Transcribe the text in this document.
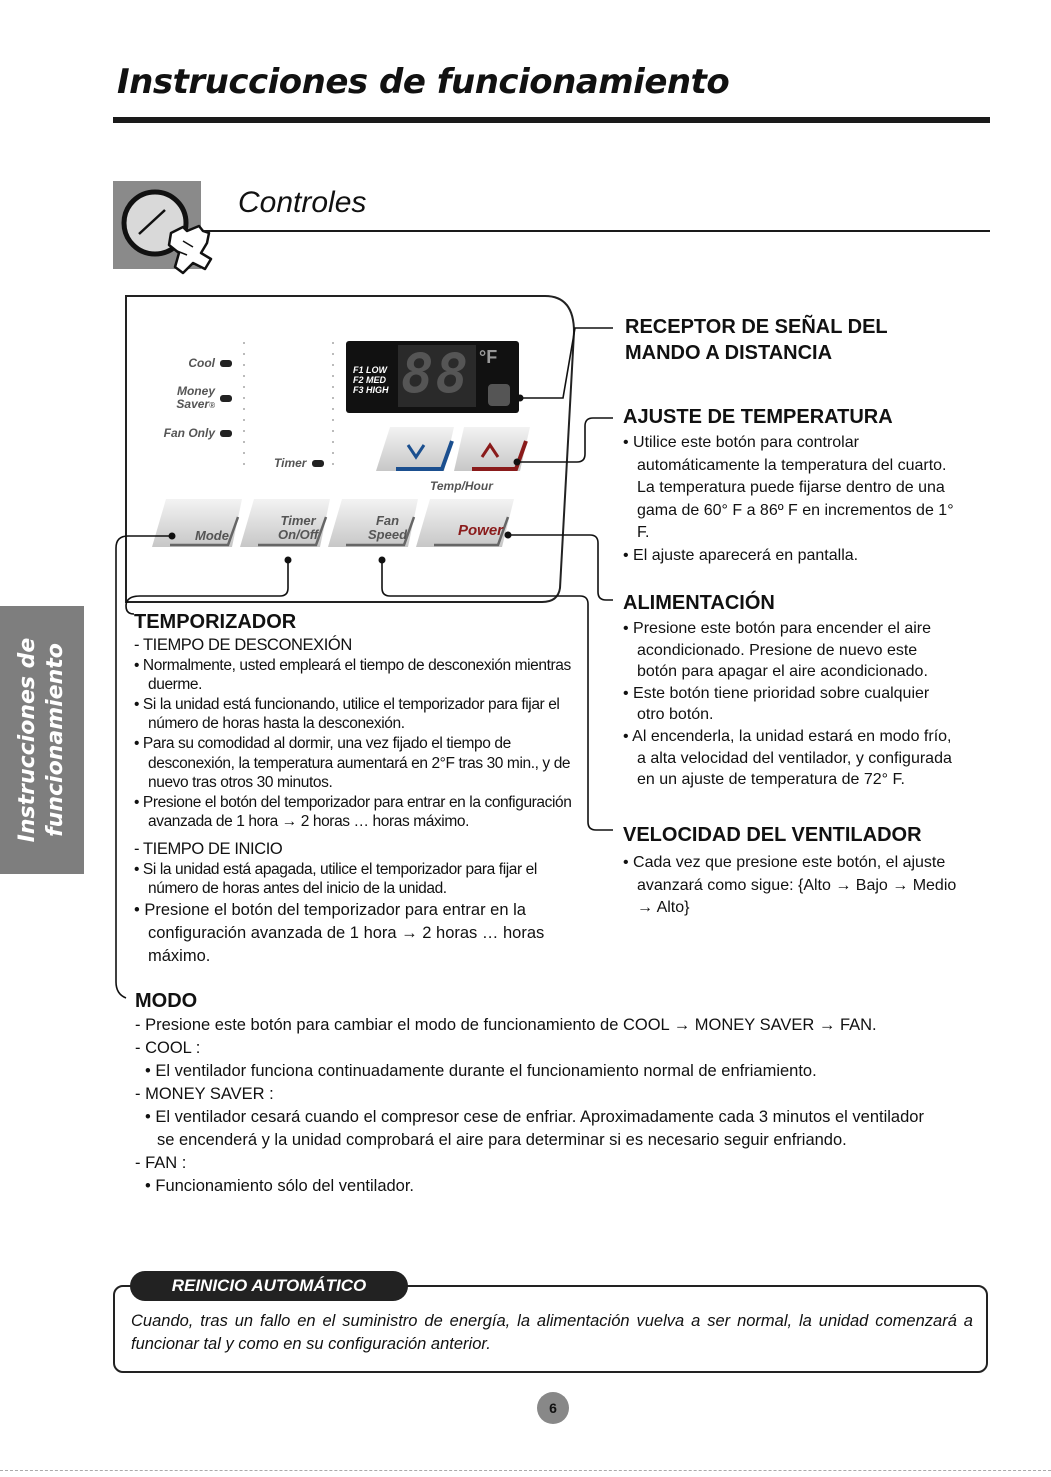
Instrucciones de funcionamiento
Controles
Instrucciones de funcionamiento
Cool
Money
Saver®
Fan Only
Timer
F1 LOW
F2 MED
F3 HIGH 88 °F
Temp/Hour
Mode
Timer
On/Off
Fan
Speed	Power
RECEPTOR DE SEÑAL DEL
MANDO A DISTANCIA
AJUSTE DE TEMPERATURA

• Utilice este botón para controlar automáticamente la temperatura del cuarto. La temperatura puede fijarse dentro de una gama de 60° F a 86º F en incrementos de 1° F.

• El ajuste aparecerá en pantalla.

ALIMENTACIÓN

• Presione este botón para encender el aire acondicionado. Presione de nuevo este botón para apagar el aire acondicionado.

• Este botón tiene prioridad sobre cualquier otro botón.

• Al encenderla, la unidad estará en modo frío, a alta velocidad del ventilador, y configurada en un ajuste de temperatura de 72° F.

VELOCIDAD DEL VENTILADOR

• Cada vez que presione este botón, el ajuste avanzará como sigue: {Alto → Bajo → Medio → Alto}

TEMPORIZADOR

- TIEMPO DE DESCONEXIÓN

• Normalmente, usted empleará el tiempo de desconexión mientras duerme.

• Si la unidad está funcionando, utilice el temporizador para fijar el número de horas hasta la desconexión.

• Para su comodidad al dormir, una vez fijado el tiempo de desconexión, la temperatura aumentará en 2°F tras 30 min., y de nuevo tras otros 30 minutos.

• Presione el botón del temporizador para entrar en la configuración avanzada de 1 hora → 2 horas … horas máximo.

- TIEMPO DE INICIO

• Si la unidad está apagada, utilice el temporizador para fijar el número de horas antes del inicio de la unidad.

• Presione el botón del temporizador para entrar en la configuración avanzada de 1 hora → 2 horas … horas máximo.

MODO

- Presione este botón para cambiar el modo de funcionamiento de COOL → MONEY SAVER → FAN.

- COOL :

• El ventilador funciona continuadamente durante el funcionamiento normal de enfriamiento.

- MONEY SAVER :

• El ventilador cesará cuando el compresor cese de enfriar. Aproximadamente cada 3 minutos el ventilador se encenderá y la unidad comprobará el aire para determinar si es necesario seguir enfriando.

- FAN :

• Funcionamiento sólo del ventilador.

REINICIO AUTOMÁTICO
Cuando, tras un fallo en el suministro de energía, la alimentación vuelva a ser normal, la unidad comenzará a funcionar tal y como en su configuración anterior.
6
